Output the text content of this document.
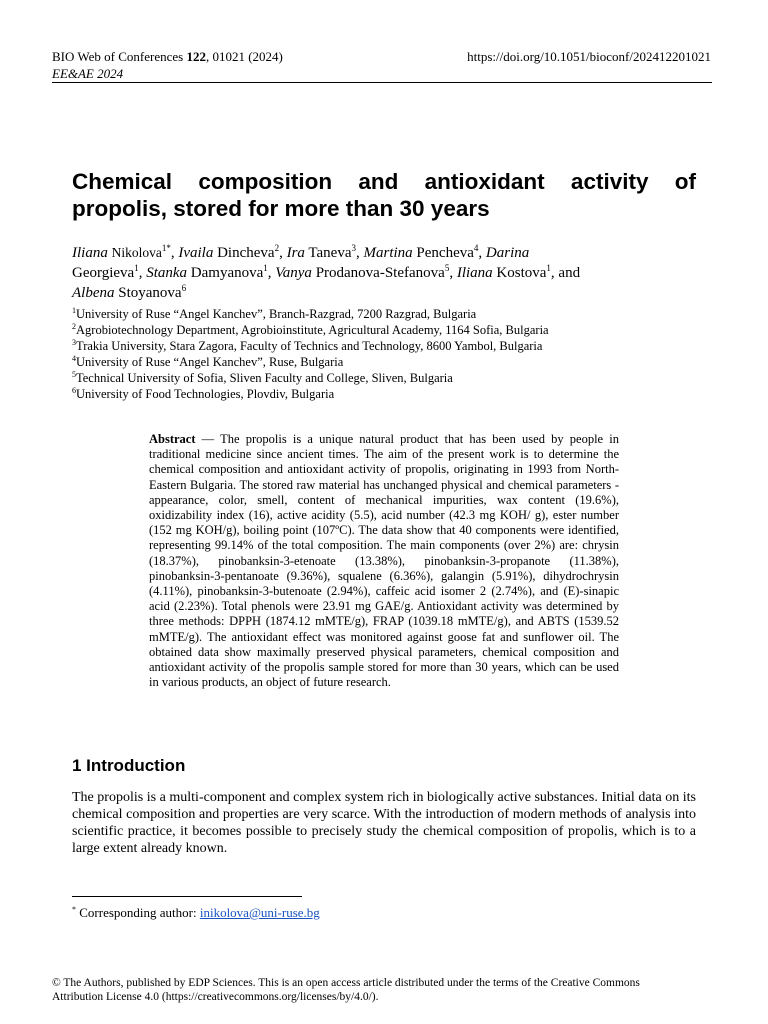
BIO Web of Conferences 122, 01021 (2024)
EE&AE 2024
https://doi.org/10.1051/bioconf/202412201021
Chemical composition and antioxidant activity of propolis, stored for more than 30 years
Iliana Nikolova$^{1*}$, Ivaila Dincheva$^2$, Ira Taneva$^3$, Martina Pencheva$^4$, Darina
Georgieva$^1$, Stanka Damyanova$^1$, Vanya Prodanova-Stefanova$^5$, Iliana Kostova$^1$, and
Albena Stoyanova$^6$
$^1$University of Ruse “Angel Kanchev”, Branch-Razgrad, 7200 Razgrad, Bulgaria
$^2$Agrobiotechnology Department, Agrobioinstitute, Agricultural Academy, 1164 Sofia, Bulgaria
$^3$Trakia University, Stara Zagora, Faculty of Technics and Technology, 8600 Yambol, Bulgaria
$^4$University of Ruse “Angel Kanchev”, Ruse, Bulgaria
$^5$Technical University of Sofia, Sliven Faculty and College, Sliven, Bulgaria
$^6$University of Food Technologies, Plovdiv, Bulgaria
Abstract — The propolis is a unique natural product that has been used by people in traditional medicine since ancient times. The aim of the present work is to determine the chemical composition and antioxidant activity of propolis, originating in 1993 from North-Eastern Bulgaria. The stored raw material has unchanged physical and chemical parameters - appearance, color, smell, content of mechanical impurities, wax content (19.6%), oxidizability index (16), active acidity (5.5), acid number (42.3 mg KOH/ g), ester number (152 mg KOH/g), boiling point (107ºC). The data show that 40 components were identified, representing 99.14% of the total composition. The main components (over 2%) are: chrysin (18.37%), pinobanksin-3-etenoate (13.38%), pinobanksin-3-propanote (11.38%), pinobanksin-3-pentanoate (9.36%), squalene (6.36%), galangin (5.91%), dihydrochrysin (4.11%), pinobanksin-3-butenoate (2.94%), caffeic acid isomer 2 (2.74%), and (E)-sinapic acid (2.23%). Total phenols were 23.91 mg GAE/g. Antioxidant activity was determined by three methods: DPPH (1874.12 mMTE/g), FRAP (1039.18 mMTE/g), and ABTS (1539.52 mMTE/g). The antioxidant effect was monitored against goose fat and sunflower oil. The obtained data show maximally preserved physical parameters, chemical composition and antioxidant activity of the propolis sample stored for more than 30 years, which can be used in various products, an object of future research.
1 Introduction
The propolis is a multi-component and complex system rich in biologically active substances. Initial data on its chemical composition and properties are very scarce. With the introduction of modern methods of analysis into scientific practice, it becomes possible to precisely study the chemical composition of propolis, which is to a large extent already known.
* Corresponding author: inikolova@uni-ruse.bg
© The Authors, published by EDP Sciences. This is an open access article distributed under the terms of the Creative Commons
Attribution License 4.0 (https://creativecommons.org/licenses/by/4.0/).
